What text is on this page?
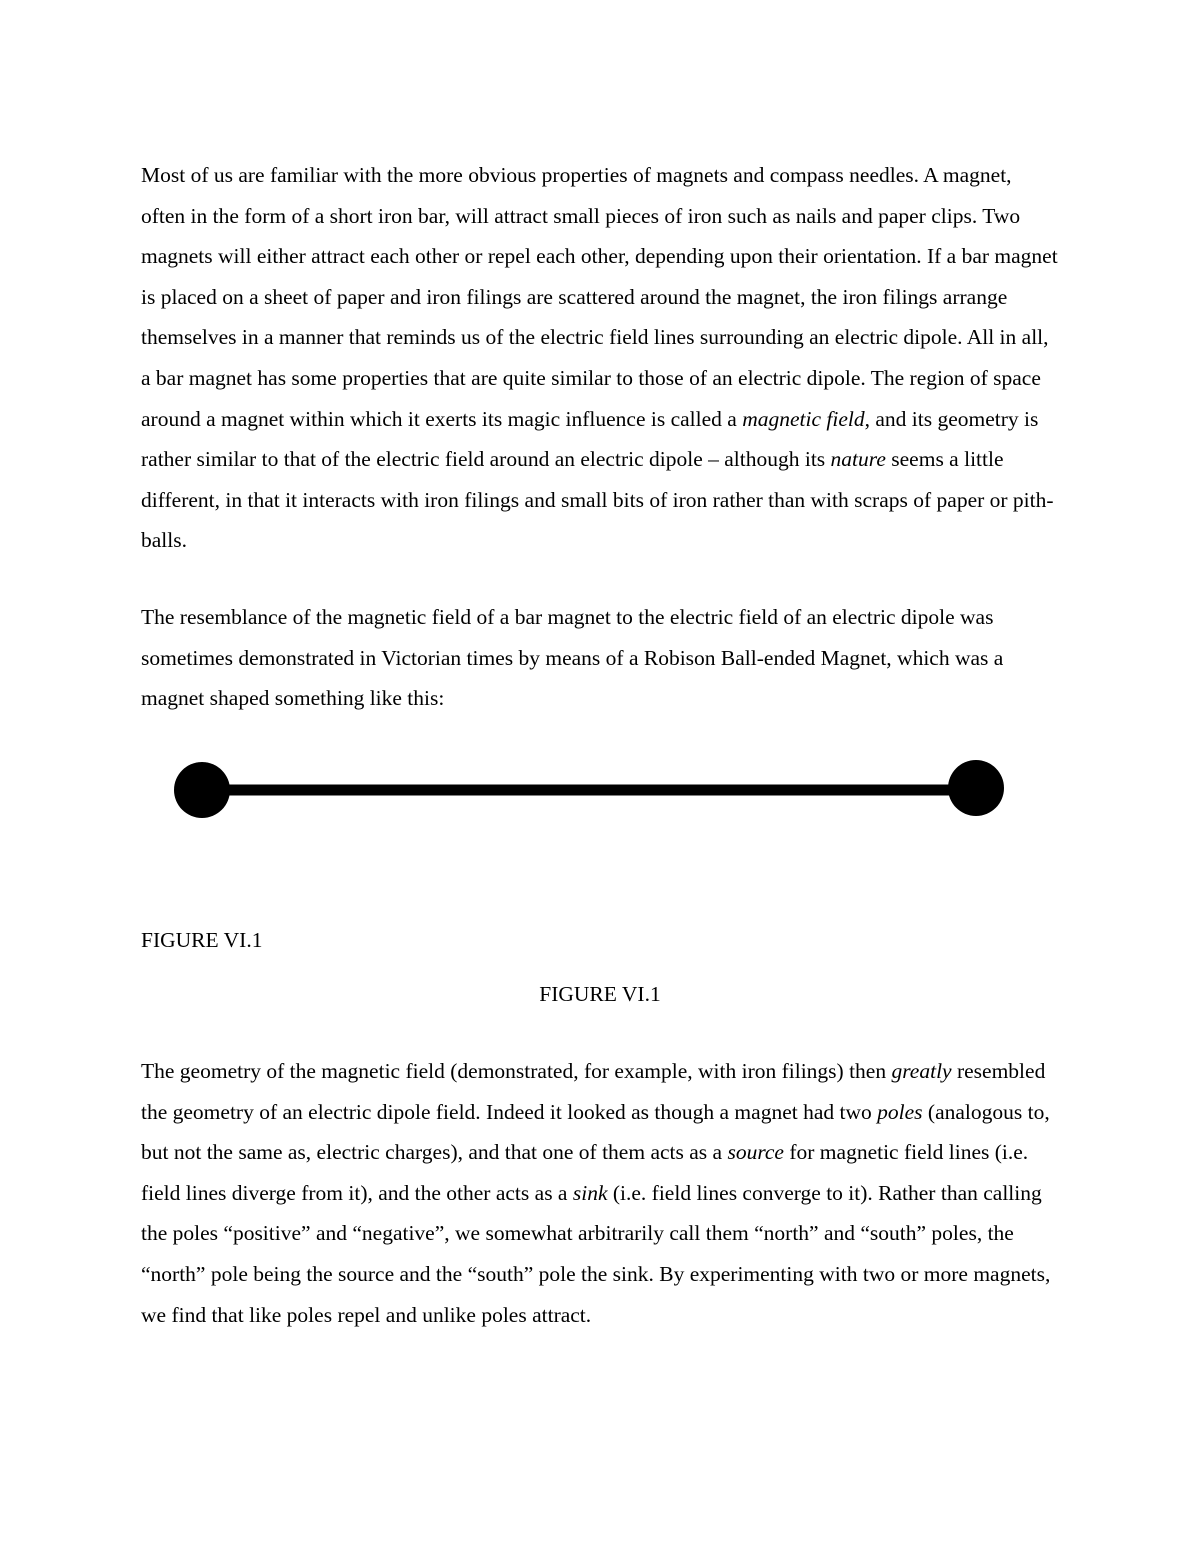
Most of us are familiar with the more obvious properties of magnets and compass needles. A magnet, often in the form of a short iron bar, will attract small pieces of iron such as nails and paper clips. Two magnets will either attract each other or repel each other, depending upon their orientation. If a bar magnet is placed on a sheet of paper and iron filings are scattered around the magnet, the iron filings arrange themselves in a manner that reminds us of the electric field lines surrounding an electric dipole. All in all, a bar magnet has some properties that are quite similar to those of an electric dipole. The region of space around a magnet within which it exerts its magic influence is called a magnetic field, and its geometry is rather similar to that of the electric field around an electric dipole – although its nature seems a little different, in that it interacts with iron filings and small bits of iron rather than with scraps of paper or pith-balls.

The resemblance of the magnetic field of a bar magnet to the electric field of an electric dipole was sometimes demonstrated in Victorian times by means of a Robison Ball-ended Magnet, which was a magnet shaped something like this:

The geometry of the magnetic field (demonstrated, for example, with iron filings) then greatly resembled the geometry of an electric dipole field. Indeed it looked as though a magnet had two poles (analogous to, but not the same as, electric charges), and that one of them acts as a source for magnetic field lines (i.e. field lines diverge from it), and the other acts as a sink (i.e. field lines converge to it). Rather than calling the poles “positive” and “negative”, we somewhat arbitrarily call them “north” and “south” poles, the “north” pole being the source and the “south” pole the sink. By experimenting with two or more magnets, we find that like poles repel and unlike poles attract.

FIGURE VI.1

FIGURE VI.1
